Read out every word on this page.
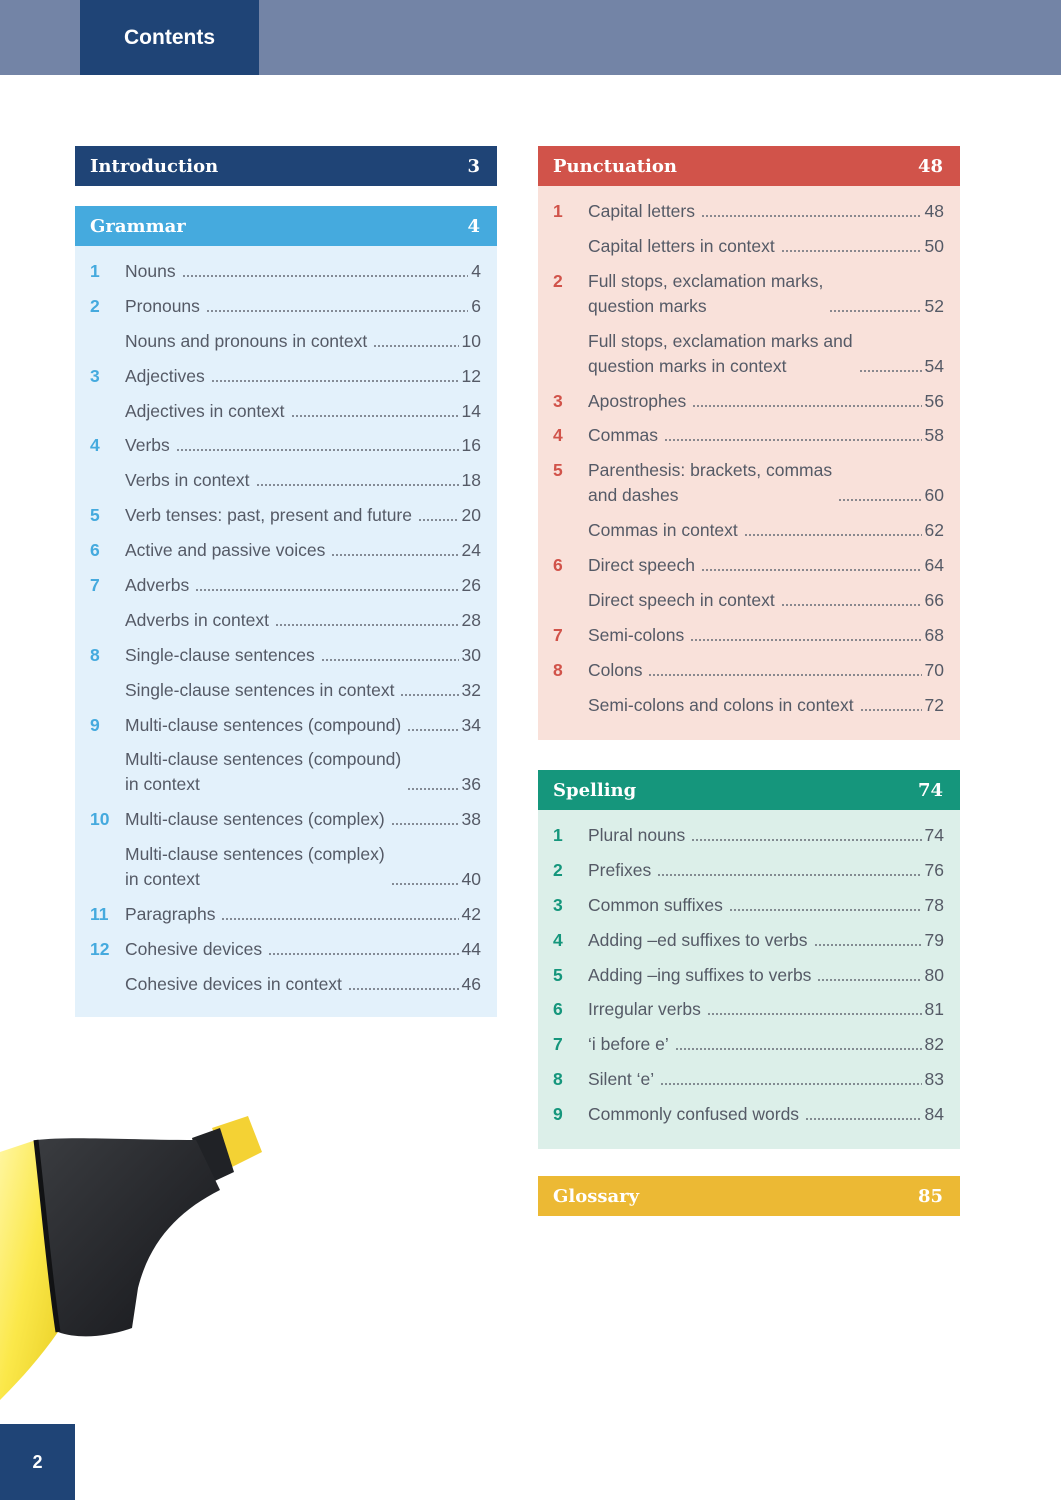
Contents
Introduction	3
Grammar	4
1	Nouns	4
2	Pronouns	6
Nouns and pronouns in context	10
3	Adjectives	12
Adjectives in context	14
4	Verbs	16
Verbs in context	18
5	Verb tenses: past, present and future	20
6	Active and passive voices	24
7	Adverbs	26
Adverbs in context	28
8	Single-clause sentences	30
Single-clause sentences in context	32
9	Multi-clause sentences (compound)	34
Multi-clause sentences (compound)
in context	36
10 Multi-clause sentences (complex)	38
Multi-clause sentences (complex)
in context	40
11 Paragraphs	42
12 Cohesive devices	44
Cohesive devices in context	46
Punctuation	48
1	Capital letters	48
Capital letters in context	50
2	Full stops, exclamation marks,
question marks	52
Full stops, exclamation marks and
question marks in context	54
3	Apostrophes	56
4	Commas	58
5	Parenthesis: brackets, commas
and dashes	60
Commas in context	62
6	Direct speech	64
Direct speech in context	66
7	Semi-colons	68
8	Colons	70
Semi-colons and colons in context	72
Spelling	74
1	Plural nouns	74
2	Prefixes	76
3	Common suffixes	78
4	Adding –ed suffixes to verbs	79
5	Adding –ing suffixes to verbs	80
6	Irregular verbs	81
7	‘i before e’	82
8	Silent ‘e’	83
9	Commonly confused words	84
Glossary	85
2
